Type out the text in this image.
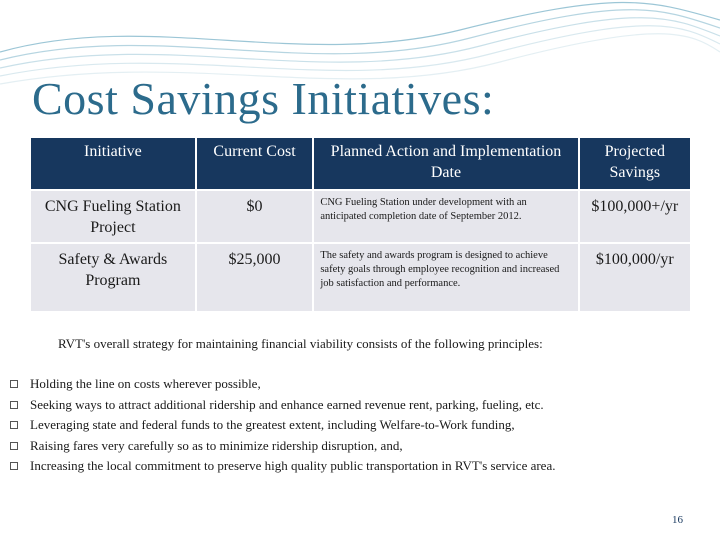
Cost Savings Initiatives:
Initiative	Current Cost	Planned Action and Implementation Date	Projected Savings
CNG Fueling Station Project	$0	CNG Fueling Station under development with an anticipated completion date of September 2012.	$100,000+/yr
Safety & Awards Program	$25,000	The safety and awards program is designed to achieve safety goals through employee recognition and increased job satisfaction and performance.	$100,000/yr
RVT's overall strategy for maintaining financial viability consists of the following principles:
Holding the line on costs wherever possible,
Seeking ways to attract additional ridership and enhance earned revenue rent, parking, fueling, etc.
Leveraging state and federal funds to the greatest extent, including Welfare-to-Work funding,
Raising fares very carefully so as to minimize ridership disruption, and,
Increasing the local commitment to preserve high quality public transportation in RVT's service area.
16
